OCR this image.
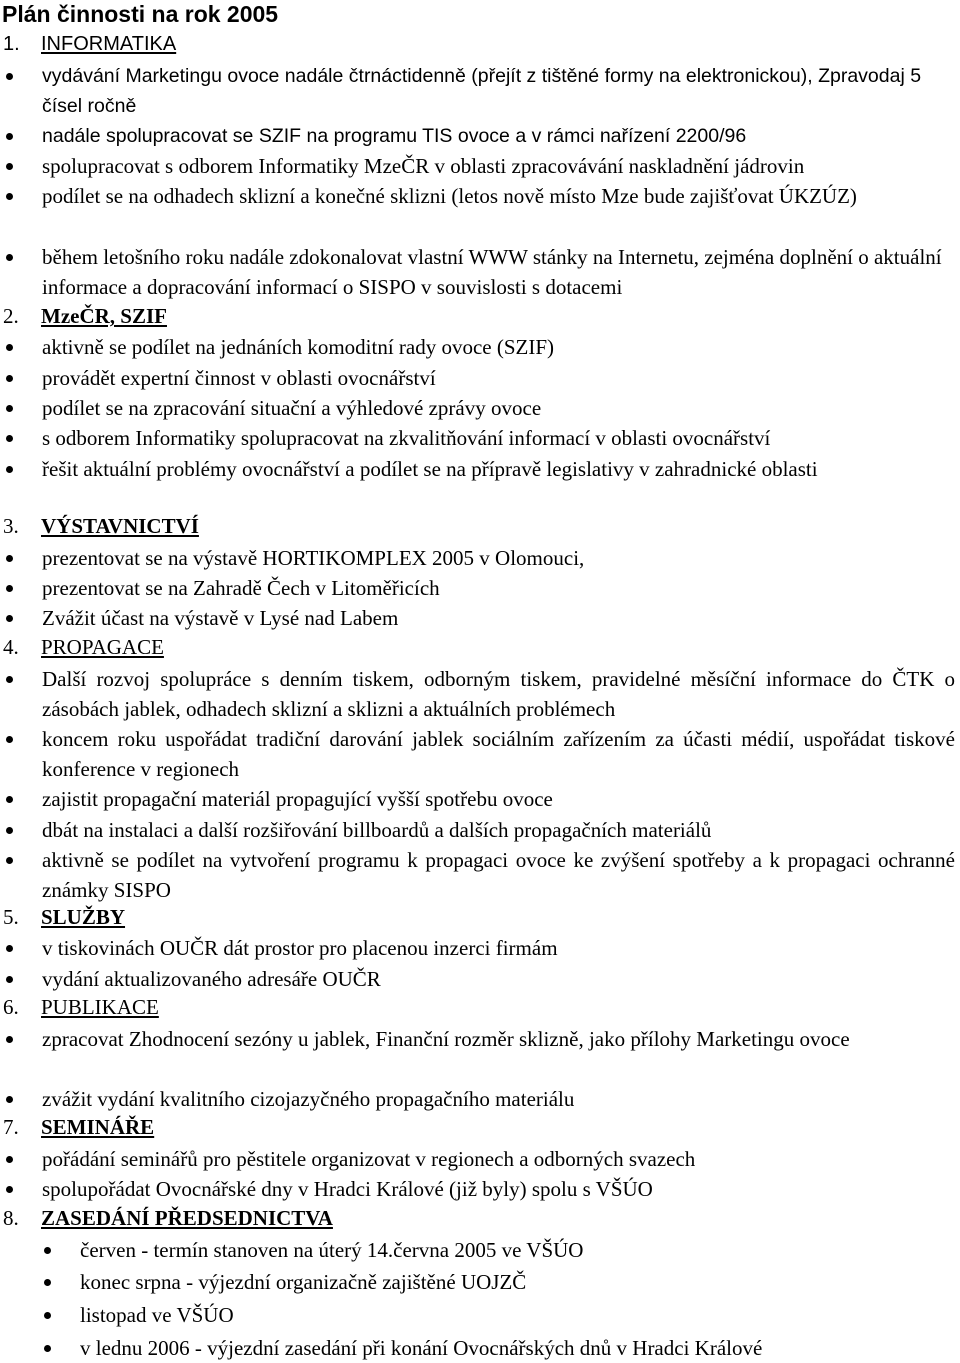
Plán činnosti na rok 2005
1. INFORMATIKA
vydávání Marketingu ovoce nadále čtrnáctidenně (přejít z tištěné formy na elektronickou), Zpravodaj 5 čísel ročně
nadále spolupracovat se SZIF na programu TIS ovoce a v rámci nařízení 2200/96
spolupracovat s odborem Informatiky MzeČR v oblasti zpracovávání naskladnění jádrovin
podílet se na odhadech sklizní a konečné sklizni (letos nově místo Mze bude zajišťovat ÚKZÚZ)
během letošního roku nadále zdokonalovat vlastní WWW stánky na Internetu, zejména doplnění o aktuální informace a dopracování informací o SISPO v souvislosti s dotacemi
2. MzeČR, SZIF
aktivně se podílet na jednáních komoditní rady ovoce (SZIF)
provádět expertní činnost v oblasti ovocnářství
podílet se na zpracování situační a výhledové zprávy ovoce
s odborem Informatiky spolupracovat na zkvalitňování informací v oblasti ovocnářství
řešit aktuální problémy ovocnářství a podílet se na přípravě legislativy v zahradnické oblasti
3. VÝSTAVNICTVÍ
prezentovat se na výstavě HORTIKOMPLEX 2005 v Olomouci,
prezentovat se na Zahradě Čech v Litoměřicích
Zvážit účast na výstavě v Lysé nad Labem
4. PROPAGACE
Další rozvoj spolupráce s denním tiskem, odborným tiskem, pravidelné měsíční informace do ČTK o zásobách jablek, odhadech sklizní a sklizni a aktuálních problémech
koncem roku uspořádat tradiční darování jablek sociálním zařízením za účasti médií, uspořádat tiskové konference v regionech
zajistit propagační materiál propagující vyšší spotřebu ovoce
dbát na instalaci a další rozšiřování billboardů a dalších propagačních materiálů
aktivně se podílet na vytvoření programu k propagaci ovoce ke zvýšení spotřeby a k propagaci ochranné známky SISPO
5. SLUŽBY
v tiskovinách OUČR dát prostor pro placenou inzerci firmám
vydání aktualizovaného adresáře OUČR
6. PUBLIKACE
zpracovat Zhodnocení sezóny u jablek, Finanční rozměr sklizně, jako přílohy Marketingu ovoce
zvážit vydání kvalitního cizojazyčného propagačního materiálu
7. SEMINÁŘE
pořádání seminářů pro pěstitele organizovat v regionech a odborných svazech
spolupořádat Ovocnářské dny v Hradci Králové (již byly) spolu s VŠÚO
8. ZASEDÁNÍ PŘEDSEDNICTVA
červen - termín stanoven na úterý 14.června 2005 ve VŠÚO
konec srpna - výjezdní organizačně zajištěné UOJZČ
listopad ve VŠÚO
v lednu 2006 - výjezdní zasedání při konání Ovocnářských dnů v Hradci Králové
